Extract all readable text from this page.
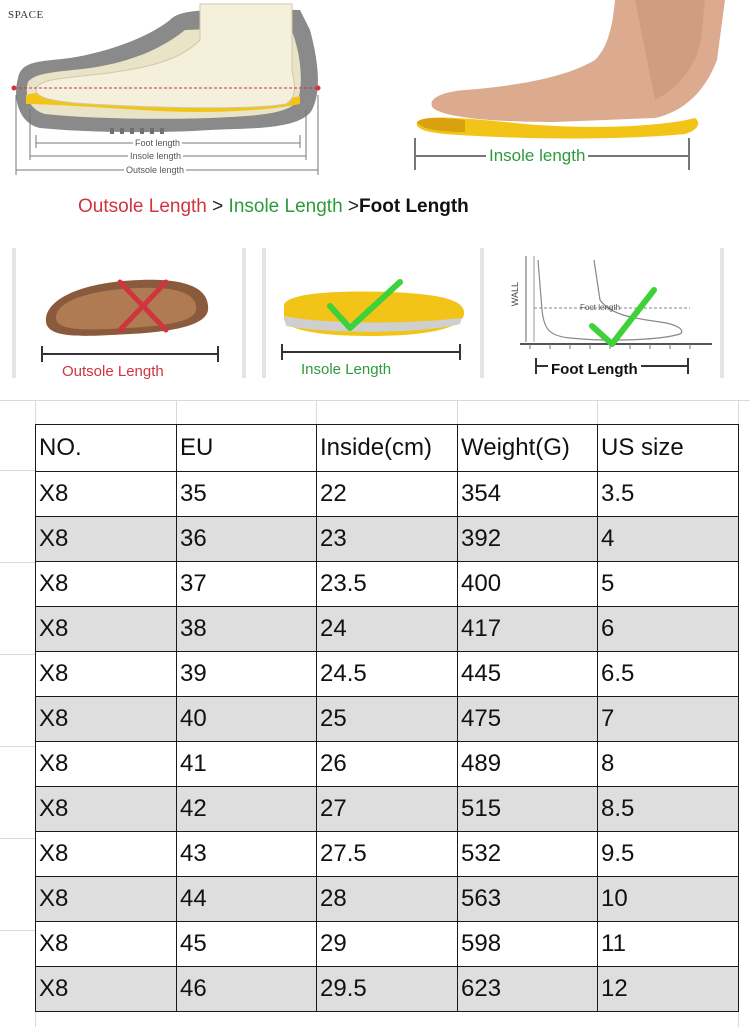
SPACE
Foot length
Insole length
Outsole length
Insole length
Outsole Length > Insole Length >Foot Length
Outsole Length	Insole Length
WALL
Foot length
Foot Length
NO.	EU	Inside(cm)	Weight(G)	US size
X8	35	22	354	3.5
X8	36	23	392	4
X8	37	23.5	400	5
X8	38	24	417	6
X8	39	24.5	445	6.5
X8	40	25	475	7
X8	41	26	489	8
X8	42	27	515	8.5
X8	43	27.5	532	9.5
X8	44	28	563	10
X8	45	29	598	11
X8	46	29.5	623	12
